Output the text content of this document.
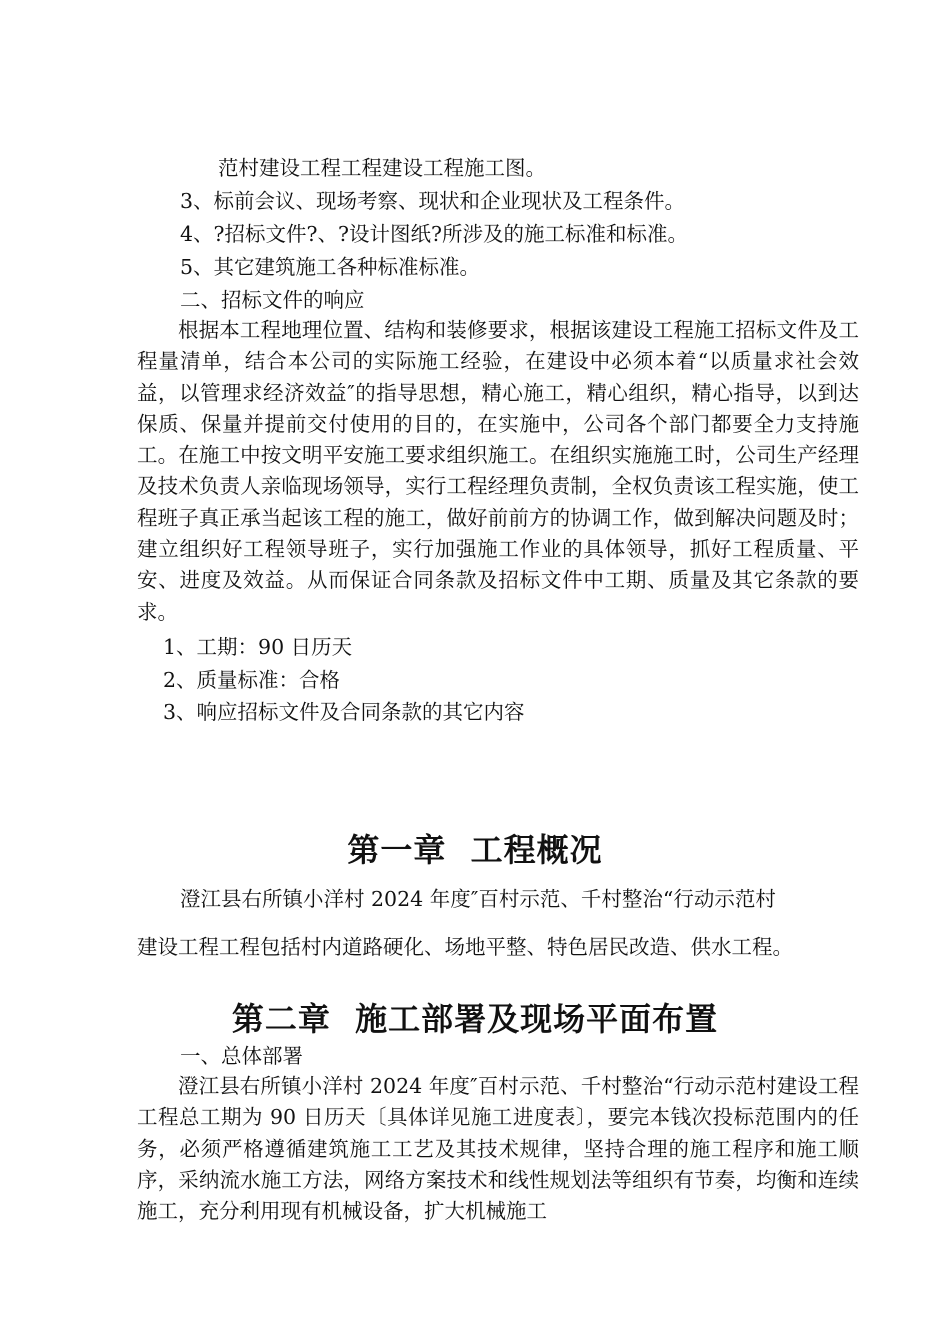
范村建设工程工程建设工程施工图。
3、标前会议、现场考察、现状和企业现状及工程条件。
4、?招标文件?、?设计图纸?所涉及的施工标准和标准。
5、其它建筑施工各种标准标准。
二、招标文件的响应

根据本工程地理位置、结构和装修要求，根据该建设工程施工招标文件及工程量清单，结合本公司的实际施工经验，在建设中必须本着“以质量求社会效益，以管理求经济效益″的指导思想，精心施工，精心组织，精心指导，以到达保质、保量并提前交付使用的目的，在实施中，公司各个部门都要全力支持施工。在施工中按文明平安施工要求组织施工。在组织实施施工时，公司生产经理及技术负责人亲临现场领导，实行工程经理负责制，全权负责该工程实施，使工程班子真正承当起该工程的施工，做好前前方的协调工作，做到解决问题及时；建立组织好工程领导班子，实行加强施工作业的具体领导，抓好工程质量、平安、进度及效益。从而保证合同条款及招标文件中工期、质量及其它条款的要求。

1、工期：90 日历天
2、质量标准：合格
3、响应招标文件及合同条款的其它内容
第一章  工程概况
澄江县右所镇小洋村 2024 年度″百村示范、千村整治“行动示范村
建设工程工程包括村内道路硬化、场地平整、特色居民改造、供水工程。
第二章  施工部署及现场平面布置
一、总体部署

澄江县右所镇小洋村 2024 年度″百村示范、千村整治“行动示范村建设工程工程总工期为 90 日历天〔具体详见施工进度表〕，要完本钱次投标范围内的任务，必须严格遵循建筑施工工艺及其技术规律，坚持合理的施工程序和施工顺序，采纳流水施工方法，网络方案技术和线性规划法等组织有节奏，均衡和连续施工，充分利用现有机械设备，扩大机械施工
